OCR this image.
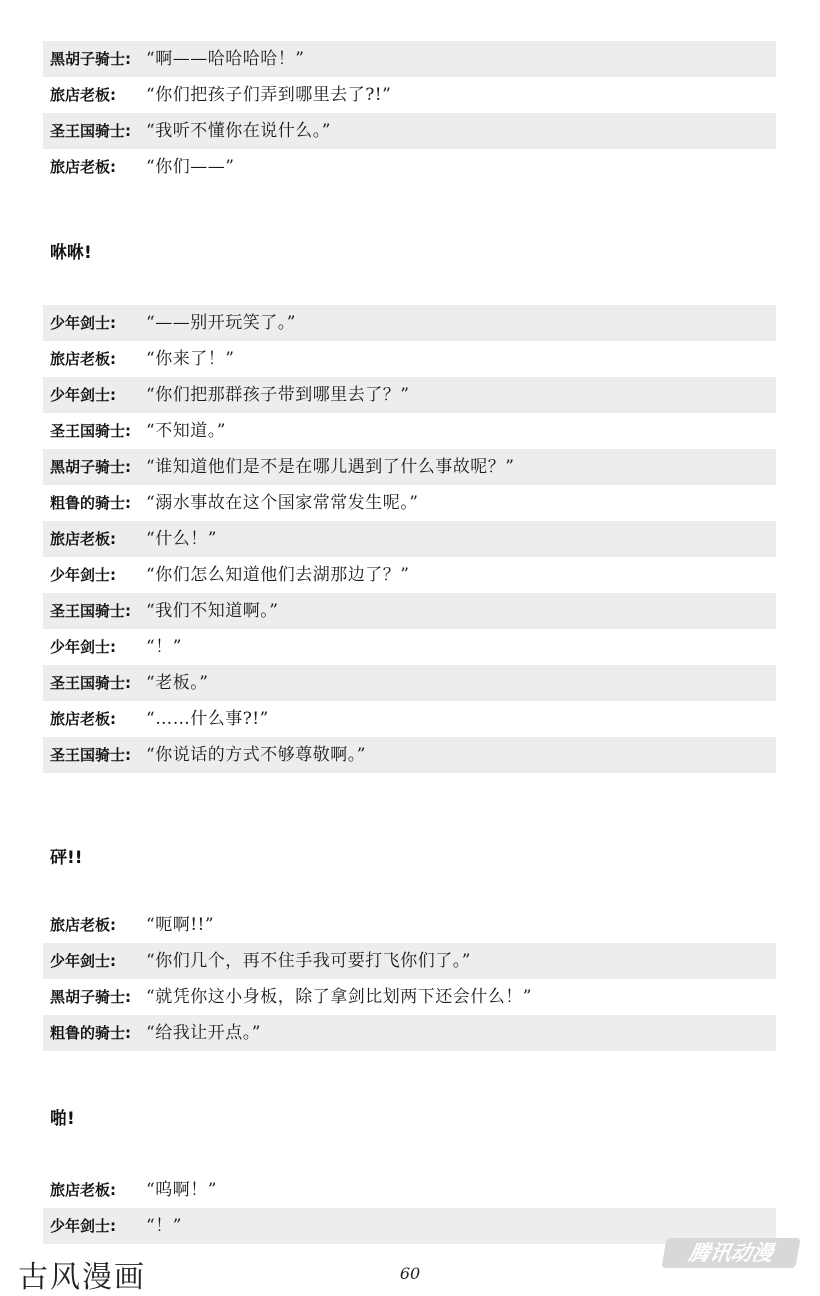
黑胡子骑士: “啊——哈哈哈哈！”
旅店老板:	“你们把孩子们弄到哪里去了?!”
圣王国骑士: “我听不懂你在说什么。”
旅店老板:	“你们——”
咻咻!
少年剑士:	“——别开玩笑了。”
旅店老板:	“你来了！”
少年剑士:	“你们把那群孩子带到哪里去了？”
圣王国骑士: “不知道。”
黑胡子骑士: “谁知道他们是不是在哪儿遇到了什么事故呢？”
粗鲁的骑士: “溺水事故在这个国家常常发生呢。”
旅店老板:	“什么！”
少年剑士:	“你们怎么知道他们去湖那边了？”
圣王国骑士: “我们不知道啊。”
少年剑士:	“！”
圣王国骑士: “老板。”
旅店老板:	“……什么事?!”
圣王国骑士: “你说话的方式不够尊敬啊。”
砰!!
旅店老板:	“呃啊!!”
少年剑士:	“你们几个，再不住手我可要打飞你们了。”
黑胡子骑士: “就凭你这小身板，除了拿剑比划两下还会什么！”
粗鲁的骑士: “给我让开点。”
啪!
旅店老板:	“呜啊！”
少年剑士:	“！”
古风漫画	60
腾讯动漫
